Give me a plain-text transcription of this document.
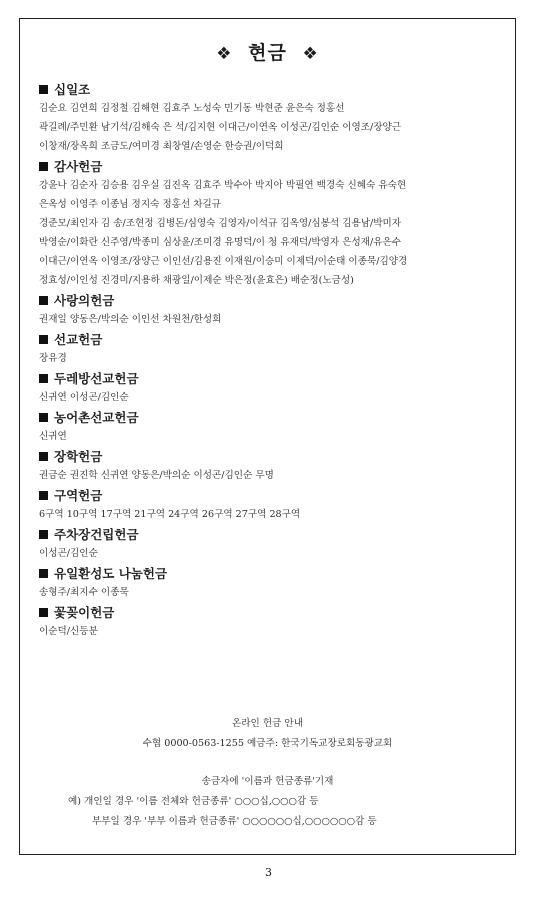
❖ 현금 ❖
십일조
김순요 김연희 김정철 김해현 김효주 노성숙 민기동 박현준 윤은숙 정홍선
곽길례/주민환 남기석/김해숙 은 석/김지현 이대근/이연옥 이성곤/김인순 이영조/장양근
이창재/장옥희 조금도/여미경 최창열/손영순 한승권/이덕희
감사헌금
강윤나 김순자 김승용 김우실 김진옥 김효주 박수아 박지아 박필연 백경숙 신혜숙 유숙현
은옥성 이영주 이종님 정지숙 정홍선 차길규
경준모/최인자 김 송/조현정 김병돈/심영숙 김영자/이석규 김옥영/심봉석 김용남/박미자
박영순/이화란 신주영/박종미 심상윤/조미경 유명덕/이 청 유재덕/박영자 은성재/유은수
이대근/이연옥 이영조/장양근 이인선/김용진 이재원/이승미 이제덕/이순태 이종묵/김양경
정효성/이인성 진경미/지용하 채광일/이제순 박은정(윤효은) 배순정(노금성)
사랑의헌금
권재일 양동은/박의순 이인선 차원천/한성희
선교헌금
장유경
두레방선교헌금
신귀연 이성곤/김인순
농어촌선교헌금
신귀연
장학헌금
권금순 권진학 신귀연 양동은/박의순 이성곤/김인순 무명
구역헌금
6구역 10구역 17구역 21구역 24구역 26구역 27구역 28구역
주차장건립헌금
이성곤/김인순
유일환성도 나눔헌금
송형주/최지수 이종묵
꽃꽂이헌금
이순덕/신등분
온라인 헌금 안내
수협 0000-0563-1255 예금주: 한국기독교장로회동광교회
송금자에 '이름과 헌금종류'기재
예) 개인일 경우 '이름 전체와 헌금종류' ○○○십,○○○감 등
부부일 경우 '부부 이름과 헌금종류' ○○○○○○십,○○○○○○감 등
3
